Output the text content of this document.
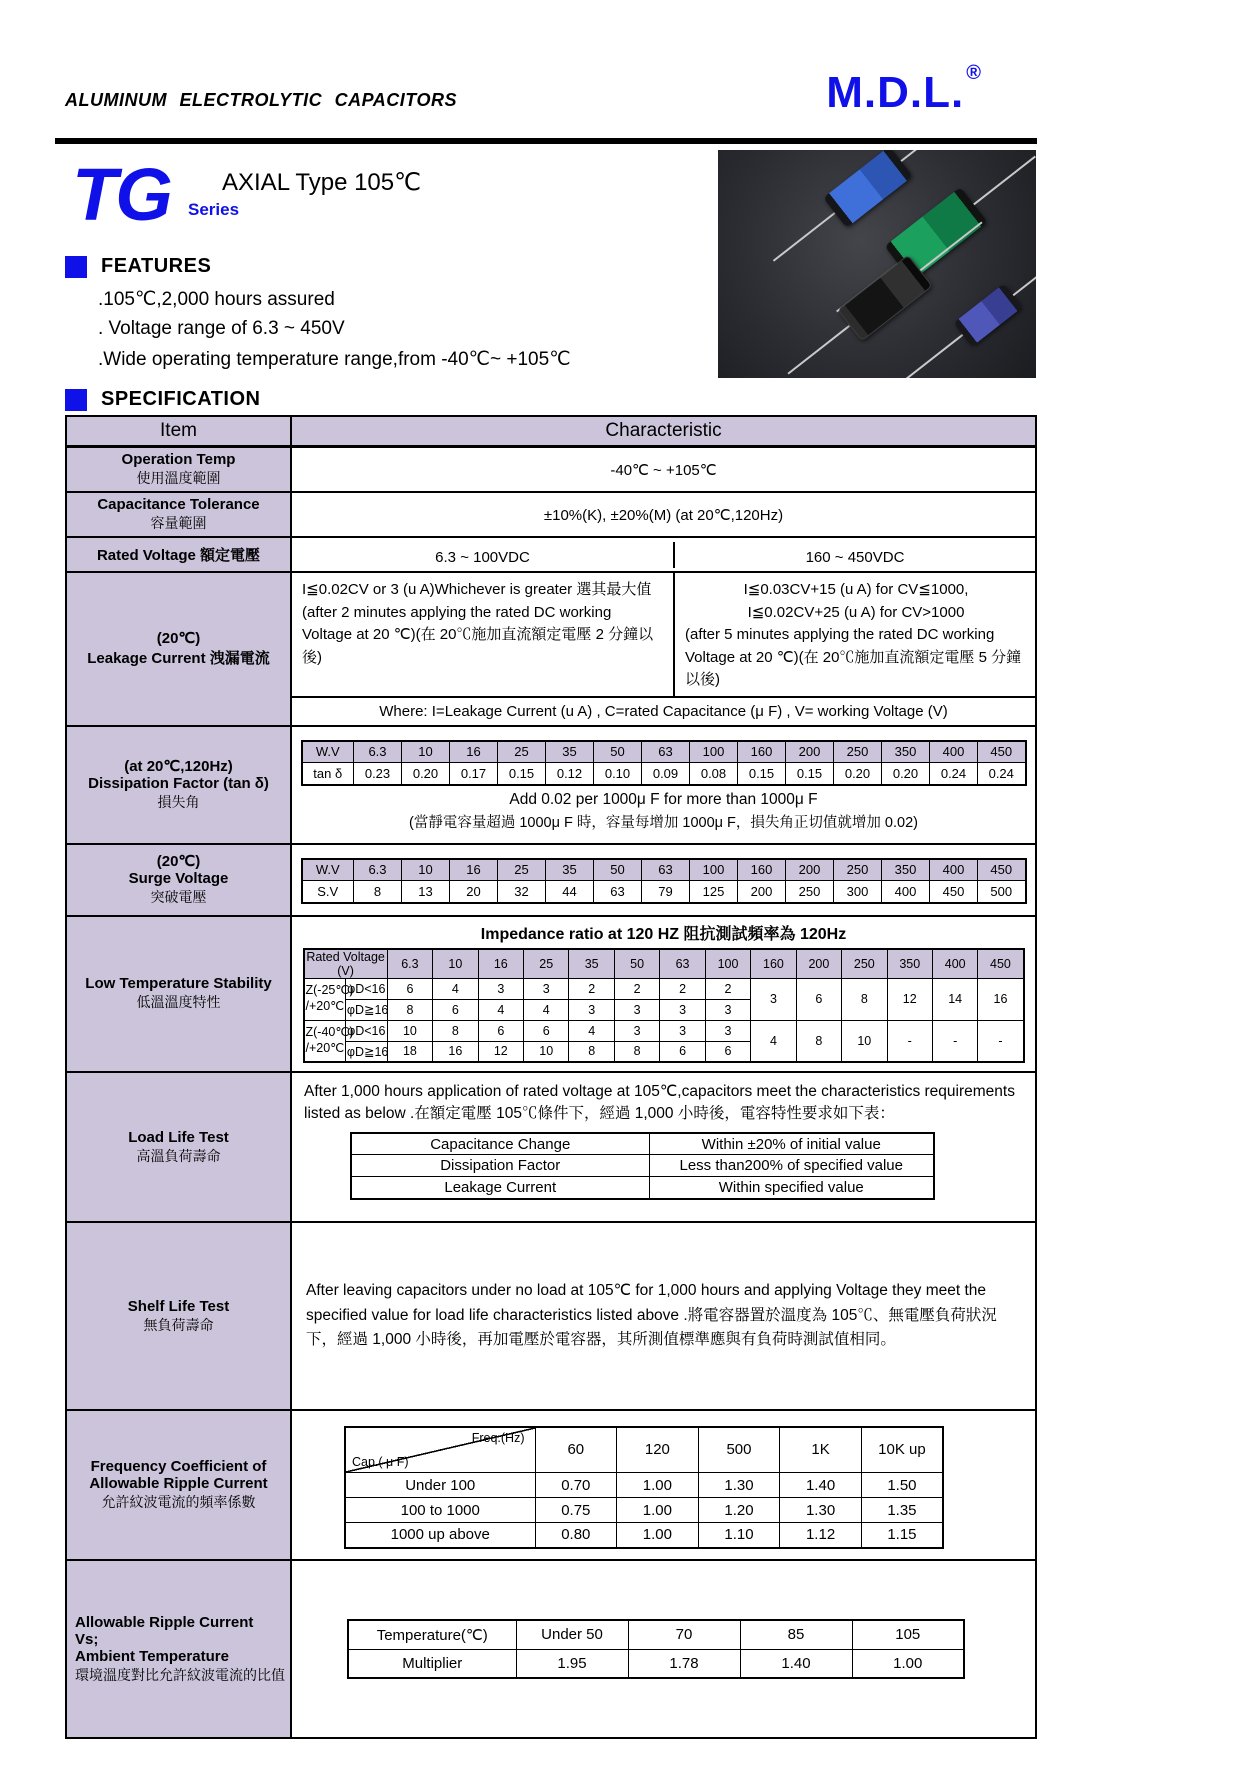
ALUMINUM ELECTROLYTIC CAPACITORS	M.D.L. ®
TG AXIAL Type 105℃
Series
FEATURES
.105℃,2,000 hours assured
. Voltage range of 6.3 ~ 450V
.Wide operating temperature range,from -40℃~ +105℃
SPECIFICATION
Item	Characteristic

Operation Temp
使用溫度範圍	-40℃ ~ +105℃

Capacitance Tolerance
容量範圍	±10%(K), ±20%(M) (at 20℃,120Hz)

Rated Voltage 額定電壓	6.3 ~ 100VDC	160 ~ 450VDC

(20℃)
Leakage Current 洩漏電流

I≦0.02CV or 3 (u A)Whichever is greater 選其最大值
(after 2 minutes applying the rated DC working Voltage at 20 ℃)(在 20℃施加直流額定電壓 2 分鐘以後)
I≦0.03CV+15 (u A) for CV≦1000,
I≦0.02CV+25 (u A) for CV>1000
(after 5 minutes applying the rated DC working Voltage at 20 ℃)(在 20℃施加直流額定電壓 5 分鐘以後)
Where: I=Leakage Current (u A) , C=rated Capacitance (μ F) , V= working Voltage (V)

(at 20℃,120Hz)
Dissipation Factor (tan δ)
損失角

W.V	6.3	10	16	25	35	50	63	100	160	200	250	350	400	450
tan δ	0.23	0.20	0.17	0.15	0.12	0.10	0.09	0.08	0.15	0.15	0.20	0.20	0.24	0.24
Add 0.02 per 1000μ F for more than 1000μ F
(當靜電容量超過 1000μ F 時，容量每增加 1000μ F，損失角正切值就增加 0.02)

(20℃)
Surge Voltage
突破電壓

W.V	6.3	10	16	25	35	50	63	100	160	200	250	350	400	450
S.V	8	13	20	32	44	63	79	125	200	250	300	400	450	500

Low Temperature Stability
低溫溫度特性

Impedance ratio at 120 HZ 阻抗測試頻率為 120Hz
Rated Voltage (V)	6.3	10	16	25	35	50	63	100	160	200	250	350	400	450

Z(-25℃)
/+20℃
	φD<16	6	4	3	3	2	2	2	2	3	6	8	12	14	16
φD≧16	8	6	4	4	3	3	3	3

Z(-40℃)
/+20℃
	φD<16	10	8	6	6	4	3	3	3	4	8	10	-	-	-
φD≧16	18	16	12	10	8	8	6	6

Load Life Test
高溫負荷壽命

After 1,000 hours application of rated voltage at 105℃,capacitors meet the characteristics requirements listed as below .在額定電壓 105℃條件下，經過 1,000 小時後，電容特性要求如下表：
Capacitance Change	Within ±20% of initial value
Dissipation Factor	Less than200% of specified value
Leakage Current	Within specified value

Shelf Life Test
無負荷壽命

After leaving capacitors under no load at 105℃ for 1,000 hours and applying Voltage they meet the specified value for load life characteristics listed above .將電容器置於溫度為 105℃、無電壓負荷狀況下，經過 1,000 小時後，再加電壓於電容器，其所測值標準應與有負荷時測試值相同。

Frequency Coefficient of Allowable Ripple Current
允許紋波電流的頻率係數

Freq.(Hz)
Cap.( μ F)
	60	120	500	1K	10K up
Under 100	0.70	1.00	1.30	1.40	1.50
100 to 1000	0.75	1.00	1.20	1.30	1.35
1000 up above	0.80	1.00	1.10	1.12	1.15

Allowable Ripple Current
Vs;
Ambient Temperature
環境溫度對比允許紋波電流的比值

Temperature(℃)	Under 50	70	85	105
Multiplier	1.95	1.78	1.40	1.00
